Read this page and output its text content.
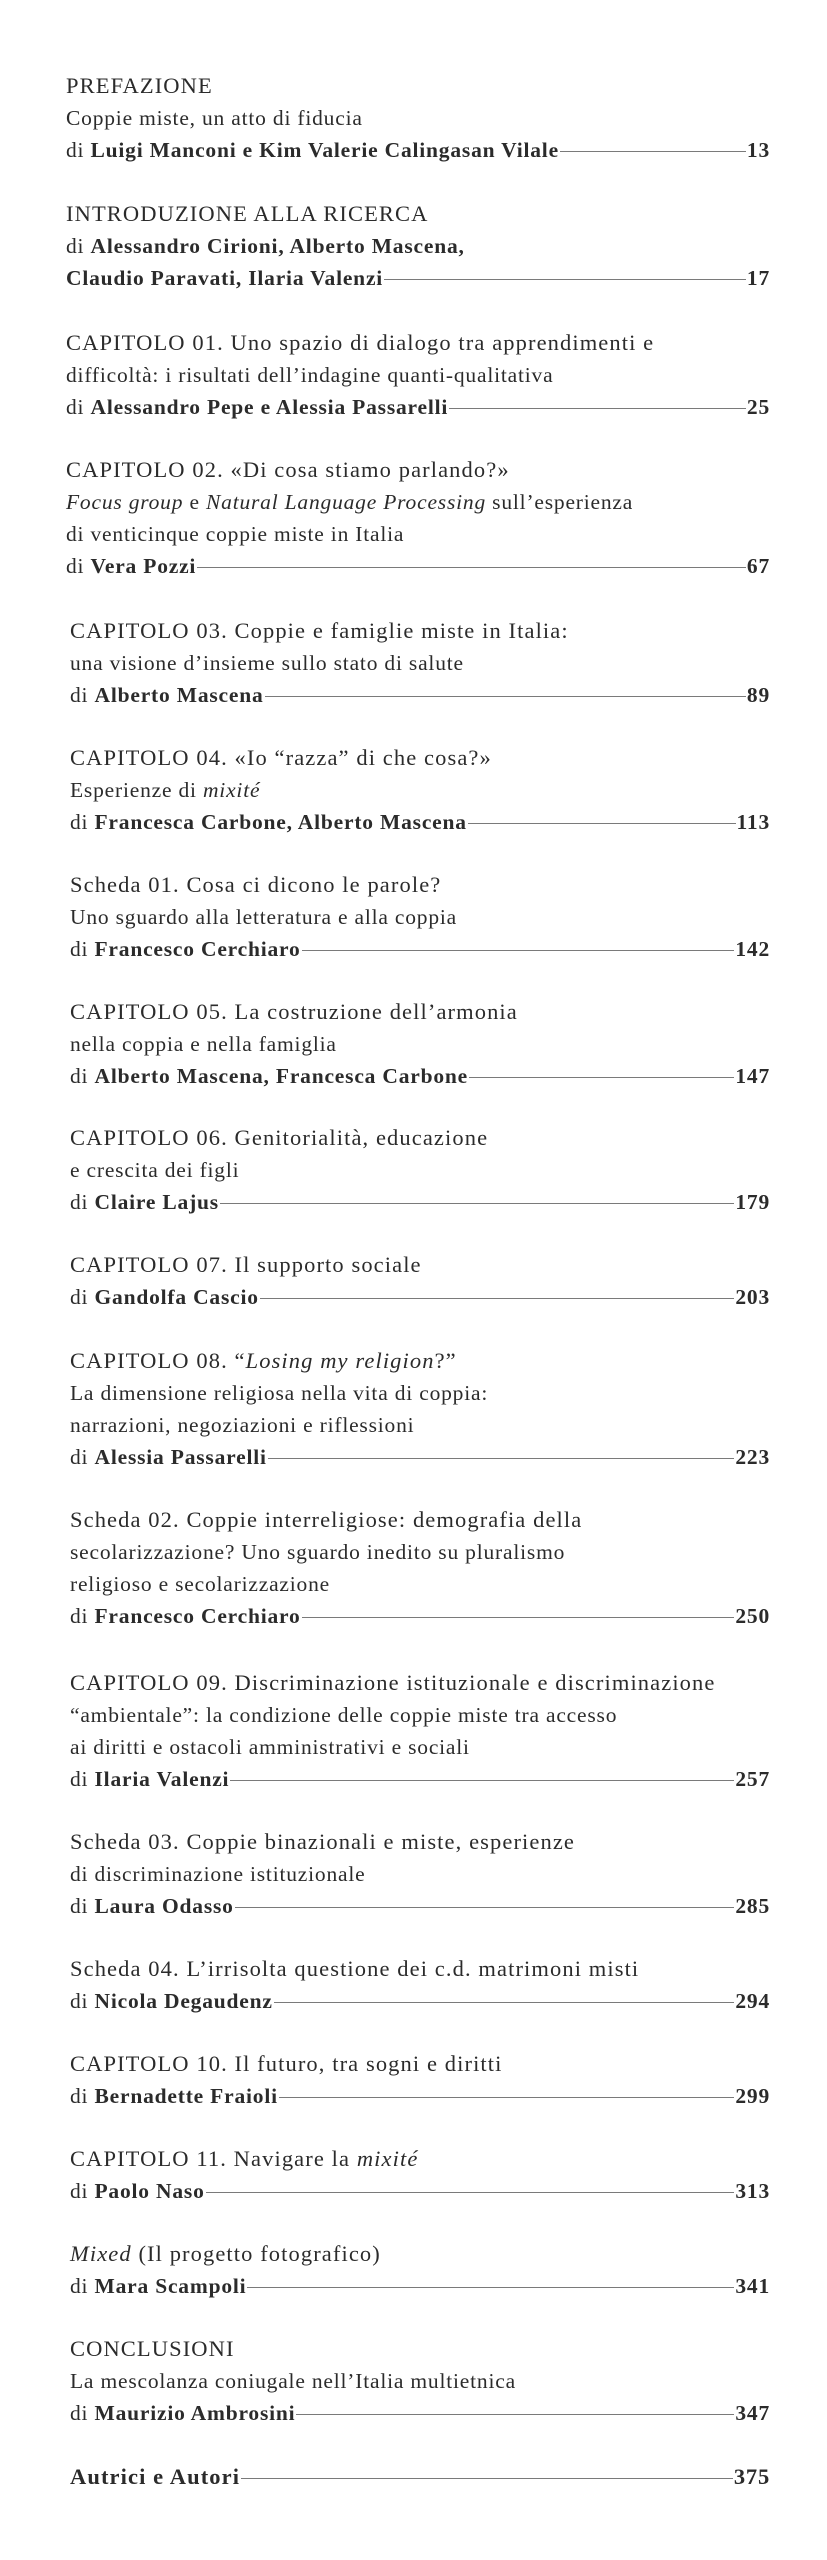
PREFAZIONE
Coppie miste, un atto di fiducia
di Luigi Manconi e Kim Valerie Calingasan Vilale	13
INTRODUZIONE ALLA RICERCA
di Alessandro Cirioni, Alberto Mascena,
Claudio Paravati, Ilaria Valenzi	17
CAPITOLO 01. Uno spazio di dialogo tra apprendimenti e
difficoltà: i risultati dell’indagine quanti-qualitativa
di Alessandro Pepe e Alessia Passarelli	25
CAPITOLO 02. «Di cosa stiamo parlando?»
Focus group e Natural Language Processing sull’esperienza
di venticinque coppie miste in Italia
di Vera Pozzi	67
CAPITOLO 03. Coppie e famiglie miste in Italia:
una visione d’insieme sullo stato di salute
di Alberto Mascena	89
CAPITOLO 04. «Io “razza” di che cosa?»
Esperienze di mixité
di Francesca Carbone, Alberto Mascena	113
Scheda 01. Cosa ci dicono le parole?
Uno sguardo alla letteratura e alla coppia
di Francesco Cerchiaro	142
CAPITOLO 05. La costruzione dell’armonia
nella coppia e nella famiglia
di Alberto Mascena, Francesca Carbone	147
CAPITOLO 06. Genitorialità, educazione
e crescita dei figli
di Claire Lajus	179
CAPITOLO 07. Il supporto sociale
di Gandolfa Cascio	203
CAPITOLO 08. “Losing my religion?”
La dimensione religiosa nella vita di coppia:
narrazioni, negoziazioni e riflessioni
di Alessia Passarelli	223
Scheda 02. Coppie interreligiose: demografia della
secolarizzazione? Uno sguardo inedito su pluralismo
religioso e secolarizzazione
di Francesco Cerchiaro	250
CAPITOLO 09. Discriminazione istituzionale e discriminazione
“ambientale”: la condizione delle coppie miste tra accesso
ai diritti e ostacoli amministrativi e sociali
di Ilaria Valenzi	257
Scheda 03. Coppie binazionali e miste, esperienze
di discriminazione istituzionale
di Laura Odasso	285
Scheda 04. L’irrisolta questione dei c.d. matrimoni misti
di Nicola Degaudenz	294
CAPITOLO 10. Il futuro, tra sogni e diritti
di Bernadette Fraioli	299
CAPITOLO 11. Navigare la mixité
di Paolo Naso	313
Mixed (Il progetto fotografico)
di Mara Scampoli	341
CONCLUSIONI
La mescolanza coniugale nell’Italia multietnica
di Maurizio Ambrosini	347
Autrici e Autori	375
